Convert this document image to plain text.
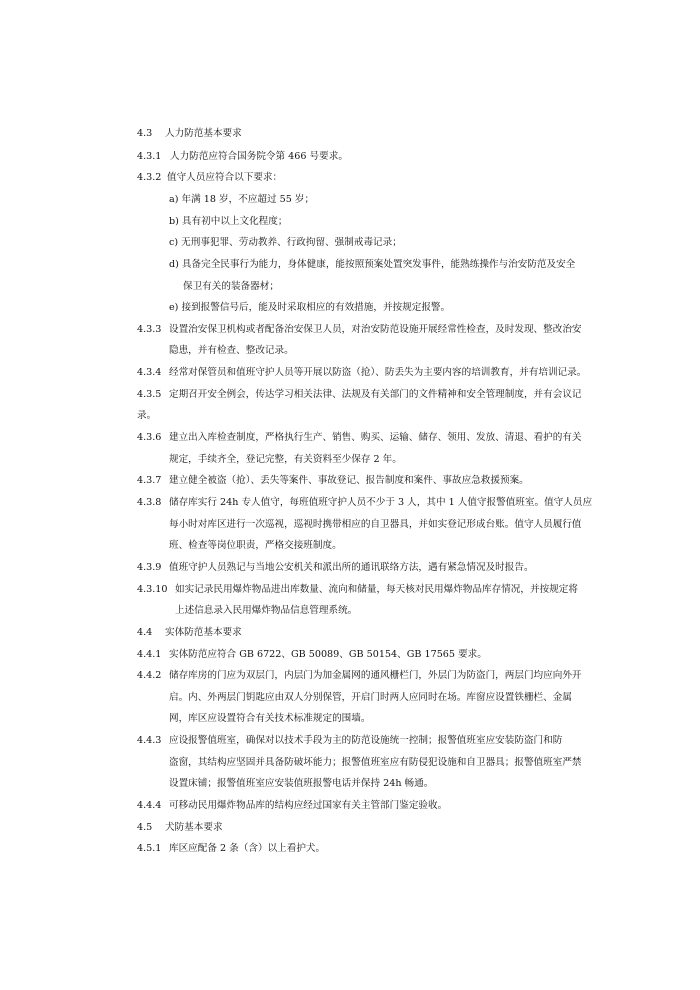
4.3 人力防范基本要求
4.3.1 人力防范应符合国务院令第 466 号要求。
4.3.2 值守人员应符合以下要求：
a) 年满 18 岁，不应超过 55 岁；
b) 具有初中以上文化程度；
c) 无刑事犯罪、劳动教养、行政拘留、强制戒毒记录；
d) 具备完全民事行为能力，身体健康，能按照预案处置突发事件，能熟练操作与治安防范及安全
保卫有关的装备器材；
e) 接到报警信号后，能及时采取相应的有效措施，并按规定报警。
4.3.3 设置治安保卫机构或者配备治安保卫人员，对治安防范设施开展经常性检查，及时发现、整改治安
隐患，并有检查、整改记录。
4.3.4 经常对保管员和值班守护人员等开展以防盗（抢）、防丢失为主要内容的培训教育，并有培训记录。
4.3.5 定期召开安全例会，传达学习相关法律、法规及有关部门的文件精神和安全管理制度，并有会议记
录。
4.3.6 建立出入库检查制度，严格执行生产、销售、购买、运输、储存、领用、发放、清退、看护的有关
规定，手续齐全，登记完整，有关资料至少保存 2 年。
4.3.7 建立健全被盗（抢）、丢失等案件、事故登记、报告制度和案件、事故应急救援预案。
4.3.8 储存库实行 24h 专人值守，每班值班守护人员不少于 3 人，其中 1 人值守报警值班室。值守人员应
每小时对库区进行一次巡视，巡视时携带相应的自卫器具，并如实登记形成台账。值守人员履行值
班、检查等岗位职责，严格交接班制度。
4.3.9 值班守护人员熟记与当地公安机关和派出所的通讯联络方法，遇有紧急情况及时报告。
4.3.10 如实记录民用爆炸物品进出库数量、流向和储量，每天核对民用爆炸物品库存情况，并按规定将
上述信息录入民用爆炸物品信息管理系统。
4.4 实体防范基本要求
4.4.1 实体防范应符合 GB 6722、GB 50089、GB 50154、GB 17565 要求。
4.4.2 储存库房的门应为双层门，内层门为加金属网的通风栅栏门，外层门为防盗门，两层门均应向外开
启。内、外两层门钥匙应由双人分别保管，开启门时两人应同时在场。库窗应设置铁栅栏、金属
网，库区应设置符合有关技术标准规定的围墙。
4.4.3 应设报警值班室，确保对以技术手段为主的防范设施统一控制；报警值班室应安装防盗门和防
盗窗，其结构应坚固并具备防破坏能力；报警值班室应有防侵犯设施和自卫器具；报警值班室严禁
设置床铺；报警值班室应安装值班报警电话并保持 24h 畅通。
4.4.4 可移动民用爆炸物品库的结构应经过国家有关主管部门鉴定验收。
4.5 犬防基本要求
4.5.1 库区应配备 2 条（含）以上看护犬。
